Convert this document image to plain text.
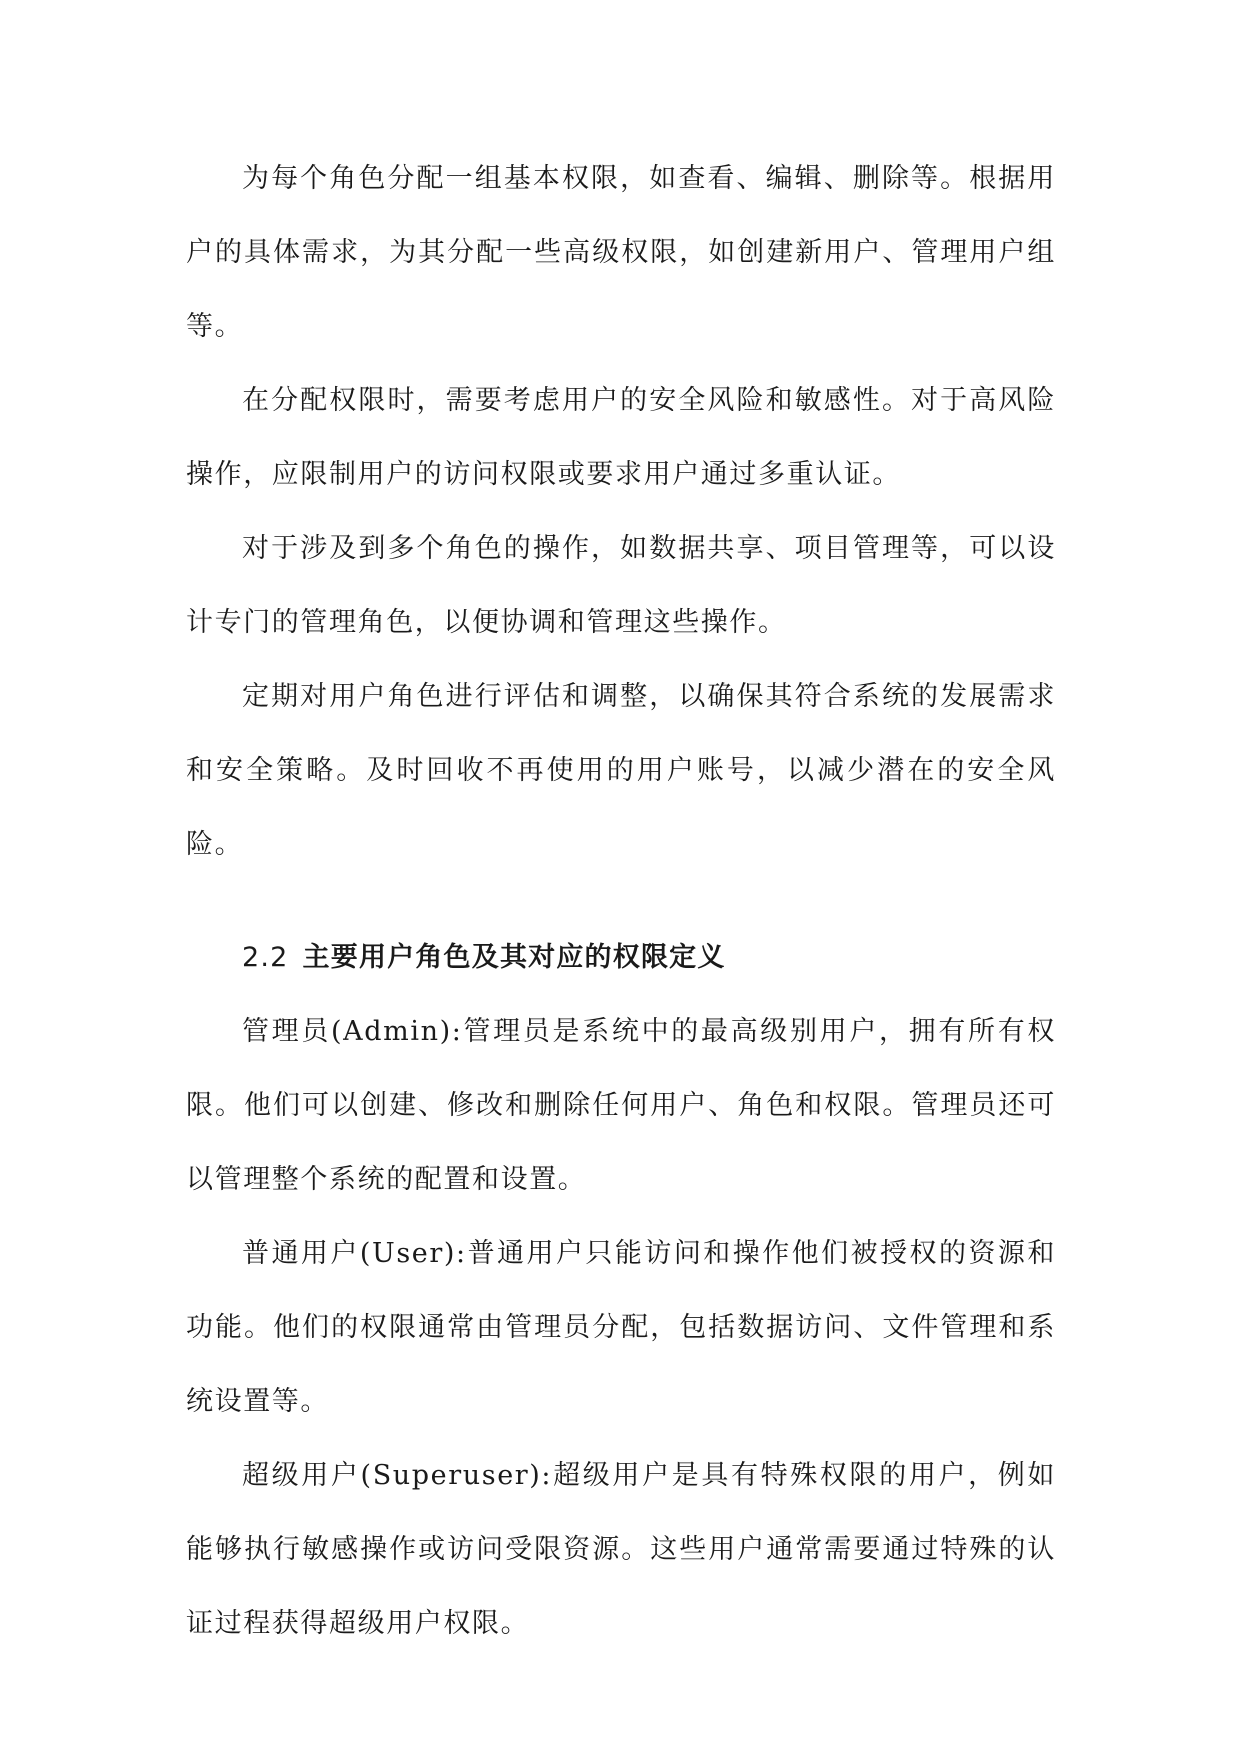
为每个角色分配一组基本权限，如查看、编辑、删除等。根据用户的具体需求，为其分配一些高级权限，如创建新用户、管理用户组等。

在分配权限时，需要考虑用户的安全风险和敏感性。对于高风险操作，应限制用户的访问权限或要求用户通过多重认证。

对于涉及到多个角色的操作，如数据共享、项目管理等，可以设计专门的管理角色，以便协调和管理这些操作。

定期对用户角色进行评估和调整，以确保其符合系统的发展需求和安全策略。及时回收不再使用的用户账号，以减少潜在的安全风险。

2.2 主要用户角色及其对应的权限定义

管理员(Admin):管理员是系统中的最高级别用户，拥有所有权限。他们可以创建、修改和删除任何用户、角色和权限。管理员还可以管理整个系统的配置和设置。

普通用户(User):普通用户只能访问和操作他们被授权的资源和功能。他们的权限通常由管理员分配，包括数据访问、文件管理和系统设置等。

超级用户(Superuser):超级用户是具有特殊权限的用户，例如能够执行敏感操作或访问受限资源。这些用户通常需要通过特殊的认证过程获得超级用户权限。
